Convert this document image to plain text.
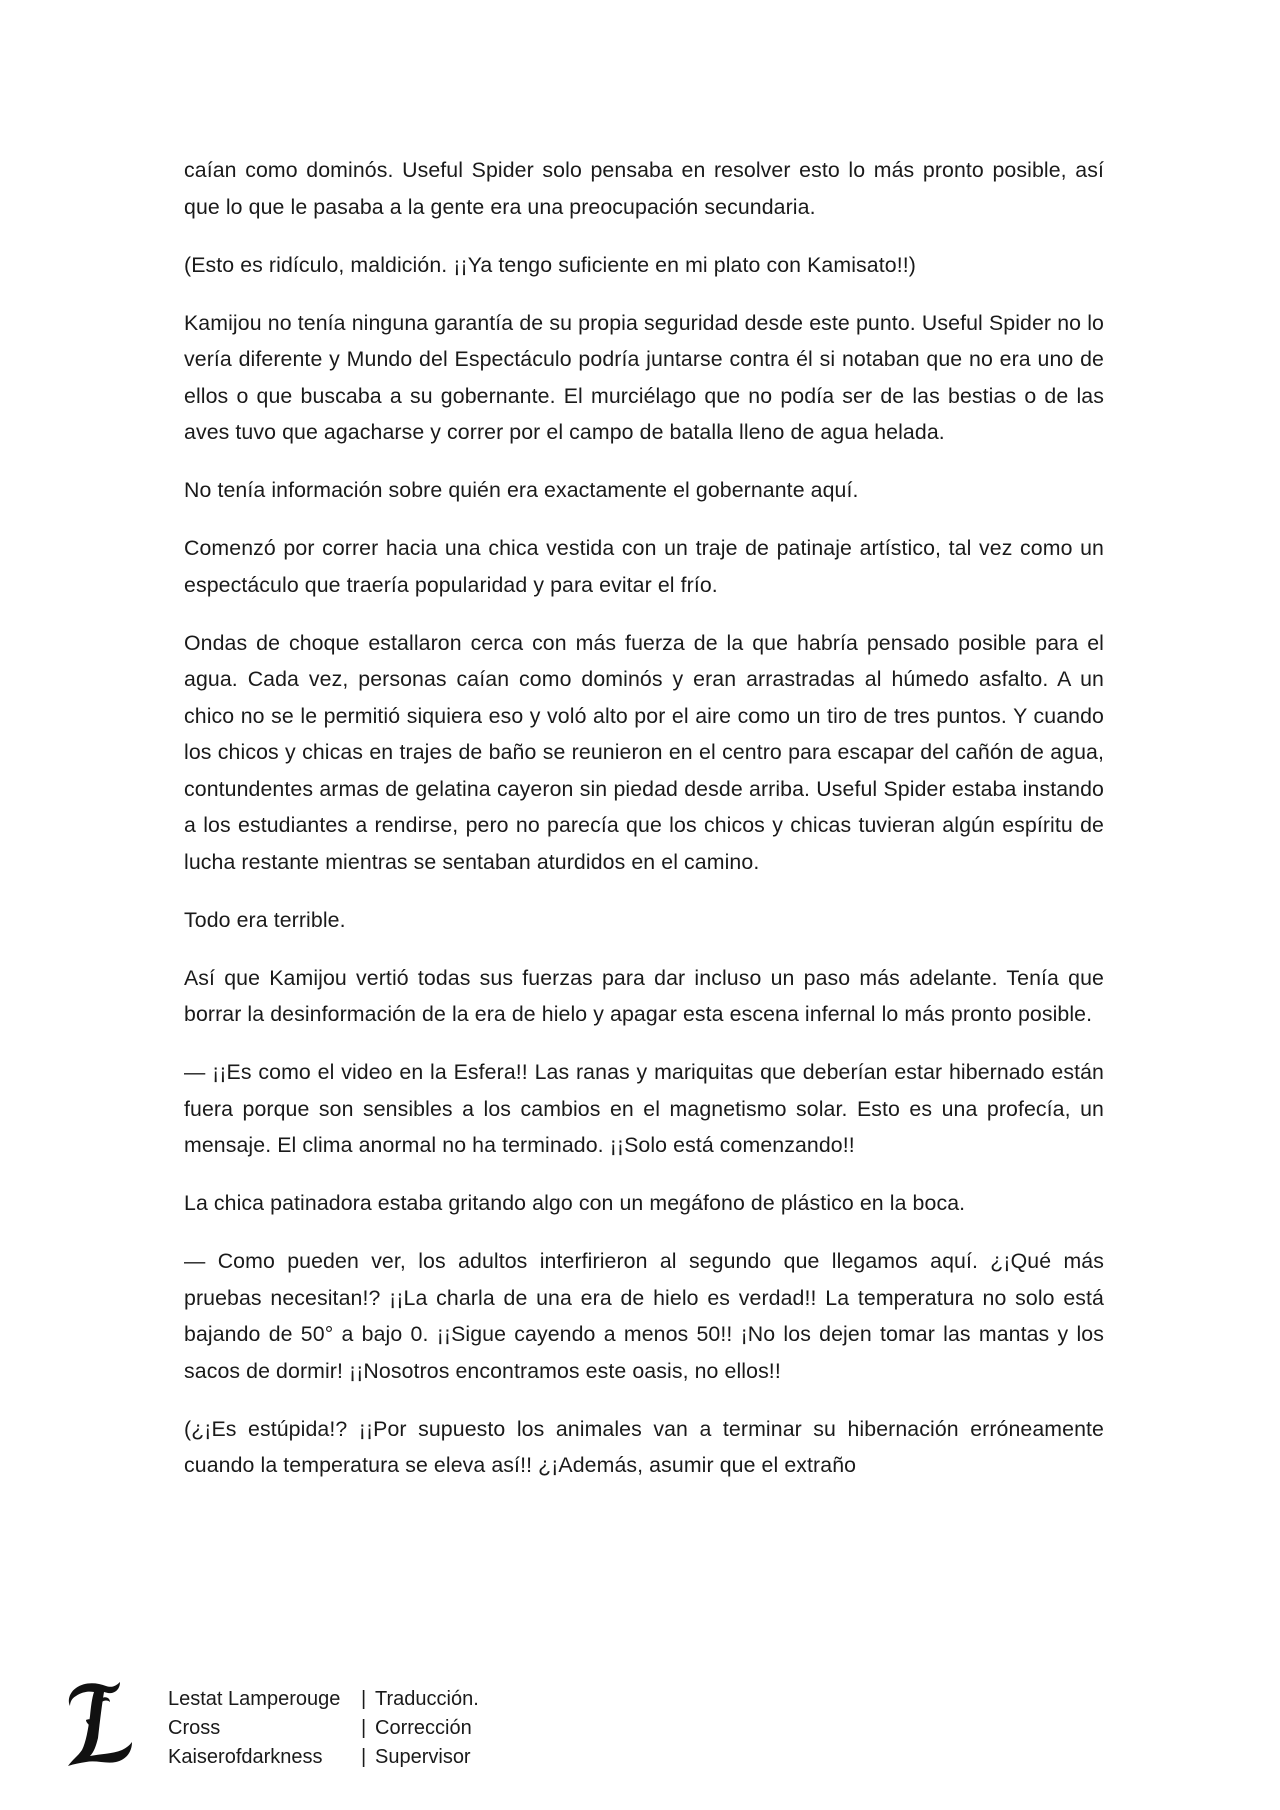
caían como dominós. Useful Spider solo pensaba en resolver esto lo más pronto posible, así que lo que le pasaba a la gente era una preocupación secundaria.

(Esto es ridículo, maldición. ¡¡Ya tengo suficiente en mi plato con Kamisato!!)

Kamijou no tenía ninguna garantía de su propia seguridad desde este punto. Useful Spider no lo vería diferente y Mundo del Espectáculo podría juntarse contra él si notaban que no era uno de ellos o que buscaba a su gobernante. El murciélago que no podía ser de las bestias o de las aves tuvo que agacharse y correr por el campo de batalla lleno de agua helada.

No tenía información sobre quién era exactamente el gobernante aquí.

Comenzó por correr hacia una chica vestida con un traje de patinaje artístico, tal vez como un espectáculo que traería popularidad y para evitar el frío.

Ondas de choque estallaron cerca con más fuerza de la que habría pensado posible para el agua. Cada vez, personas caían como dominós y eran arrastradas al húmedo asfalto. A un chico no se le permitió siquiera eso y voló alto por el aire como un tiro de tres puntos. Y cuando los chicos y chicas en trajes de baño se reunieron en el centro para escapar del cañón de agua, contundentes armas de gelatina cayeron sin piedad desde arriba. Useful Spider estaba instando a los estudiantes a rendirse, pero no parecía que los chicos y chicas tuvieran algún espíritu de lucha restante mientras se sentaban aturdidos en el camino.

Todo era terrible.

Así que Kamijou vertió todas sus fuerzas para dar incluso un paso más adelante. Tenía que borrar la desinformación de la era de hielo y apagar esta escena infernal lo más pronto posible.

— ¡¡Es como el video en la Esfera!! Las ranas y mariquitas que deberían estar hibernado están fuera porque son sensibles a los cambios en el magnetismo solar. Esto es una profecía, un mensaje. El clima anormal no ha terminado. ¡¡Solo está comenzando!!

La chica patinadora estaba gritando algo con un megáfono de plástico en la boca.

— Como pueden ver, los adultos interfirieron al segundo que llegamos aquí. ¿¡Qué más pruebas necesitan!? ¡¡La charla de una era de hielo es verdad!! La temperatura no solo está bajando de 50° a bajo 0. ¡¡Sigue cayendo a menos 50!! ¡No los dejen tomar las mantas y los sacos de dormir! ¡¡Nosotros encontramos este oasis, no ellos!!

(¿¡Es estúpida!? ¡¡Por supuesto los animales van a terminar su hibernación erróneamente cuando la temperatura se eleva así!! ¿¡Además, asumir que el extraño

Lestat Lamperouge	| Traducción.
Cross	| Corrección
Kaiserofdarkness	| Supervisor
